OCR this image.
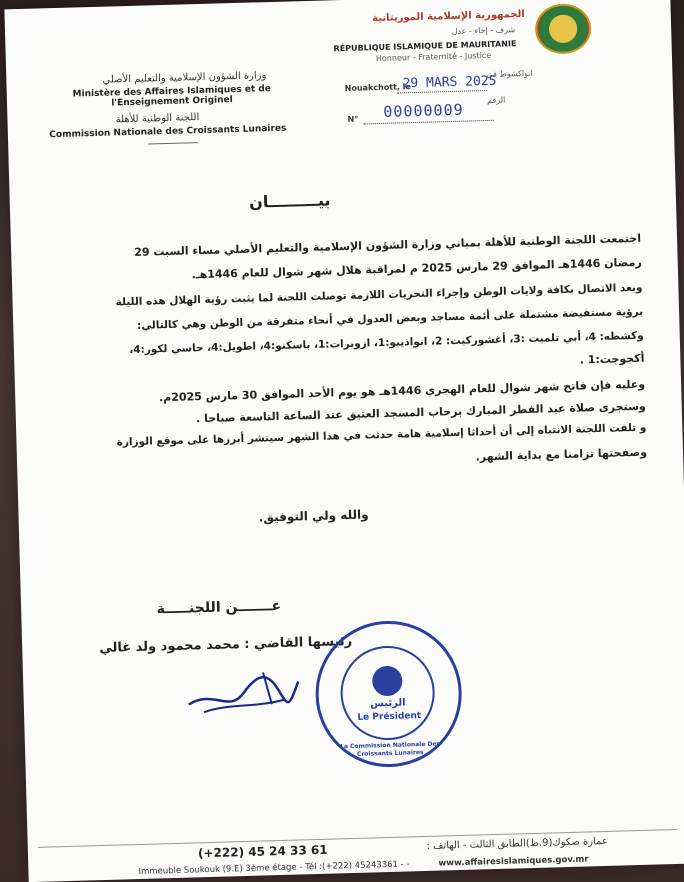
الجمهورية الإسلامية الموريتانية
شرف - إخاء - عدل
RÉPUBLIQUE ISLAMIQUE DE MAURITANIE
Honneur - Fraternité - Justice
وزارة الشؤون الإسلامية والتعليم الأصلي
Ministère des Affaires Islamiques et de l'Enseignement Originel
اللجنة الوطنية للأهلة
Commission Nationale des Croissants Lunaires
Nouakchott, le
29 MARS 2025
انواكشوط في
N° 00000009
الرقم
بيـــــــــان
اجتمعت اللجنة الوطنية للأهلة بمباني وزارة الشؤون الإسلامية والتعليم الأصلي مساء السبت 29
رمضان 1446هـ الموافق 29 مارس 2025 م لمراقبة هلال شهر شوال للعام 1446هـ.
وبعد الاتصال بكافة ولايات الوطن وإجراء التحريات اللازمة توصلت اللجنة لما يثبت رؤية الهلال هذه الليلة
برؤية مستفيضة مشتملة على أئمة مساجد وبعض العدول في أنحاء متفرقة من الوطن وهي كالتالي:
وكشطه: 4، أبي تلميت :3، أغشوركيت: 2، انواذيبو:1، ازويرات:1، باسكنو:4، اطويل:4، حاسي لكور:4،
أكجوجت:1 .
وعليه فإن فاتح شهر شوال للعام الهجري 1446هـ هو يوم الأحد الموافق 30 مارس 2025م.
وستجرى صلاة عيد الفطر المبارك برحاب المسجد العتيق عند الساعة التاسعة صباحا .
و تلفت اللجنة الانتباه إلى أن أحداثا إسلامية هامة حدثت في هذا الشهر سينشر أبرزها على موقع الوزارة
وصفحتها تزامنا مع بداية الشهر.
والله ولي التوفيق.
عـــــــن اللجنـــــة
رئيسها القاضي : محمد محمود ولد غالي
الرئيس
Le Président
La Commission Nationale Des Croissants Lunaires
(+222) 45 24 33 61	عمارة صكوك(9.ط)الطابق الثالث - الهاتف :
Immeuble Soukouk (9.E) 3ème étage - Tél :(+222) 45243361 - -	www.affairesislamiques.gov.mr
